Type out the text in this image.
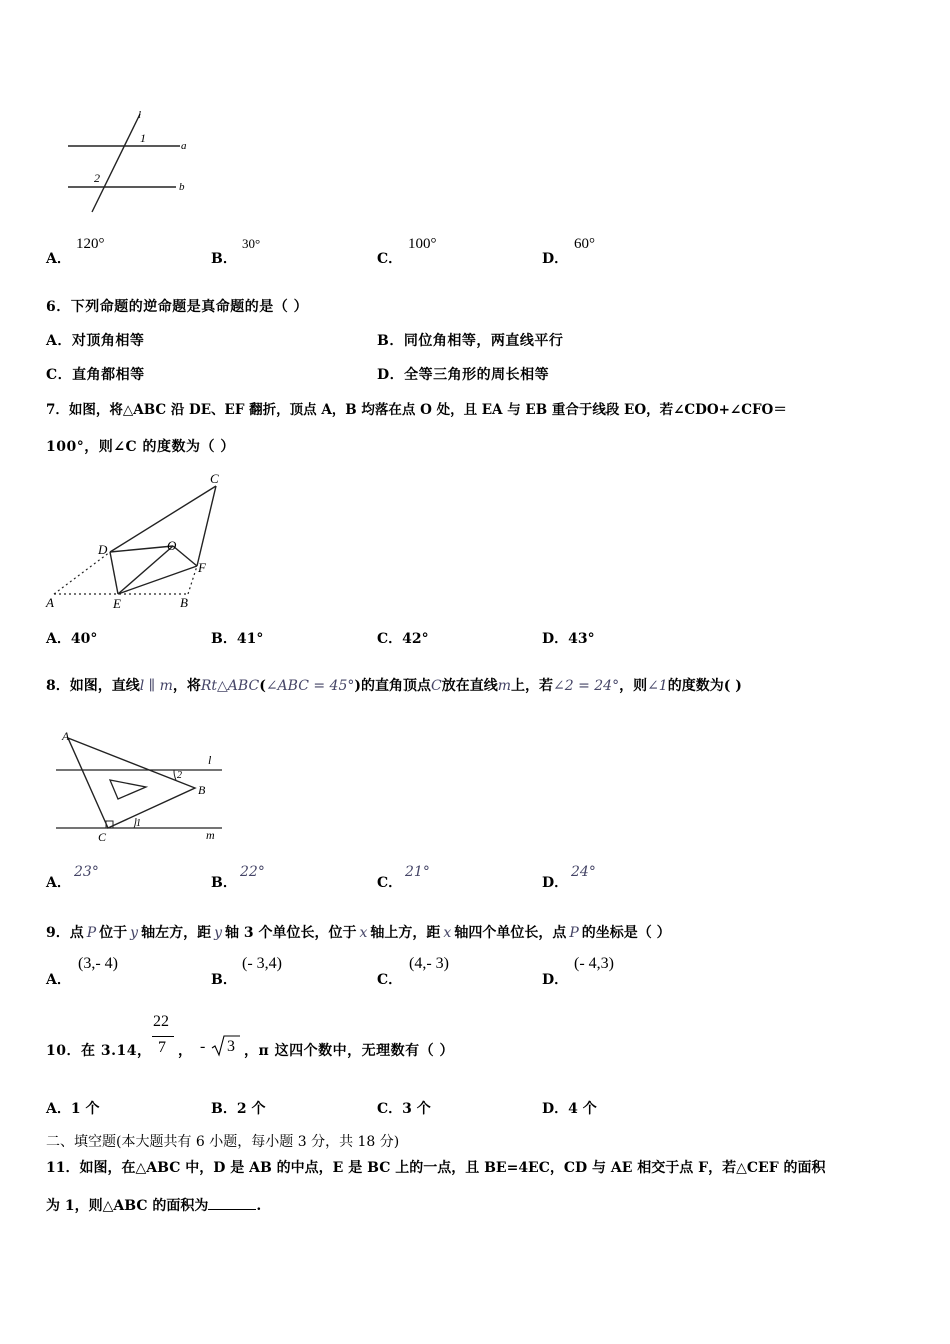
l
1
a
2
b
A．
120°
B．
30°
C．
100°
D．
60°
6．下列命题的逆命题是真命题的是（ ）
A．对顶角相等	B．同位角相等，两直线平行
C．直角都相等	D．全等三角形的周长相等
7．如图，将△ABC 沿 DE、EF 翻折，顶点 A，B 均落在点 O 处，且 EA 与 EB 重合于线段 EO，若∠CDO+∠CFO＝
100°，则∠C 的度数为（ ）
C
D	O
F
A	E	B
A．40°	B．41°	C．42°	D．43°
8．如图，直线l ∥ m，将Rt△ABC(∠ABC = 45°)的直角顶点C放在直线m上，若∠2 = 24°，则∠1的度数为( )
A
l
2
B
1
C	m
A．
23°
B．
22°
C．
21°
D．
24°
9．点 P 位于 y 轴左方，距 y 轴 3 个单位长，位于 x 轴上方，距 x 轴四个单位长，点 P 的坐标是（ ）
A．
(3,- 4)
B．
(- 3,4)
C．
(4,- 3)
D．
(- 4,3)
10．在 3.14，
22
7 ， - 3 ，π 这四个数中，无理数有（ ）
A．1 个	B．2 个	C．3 个	D．4 个
二、填空题(本大题共有 6 小题，每小题 3 分，共 18 分)
11．如图，在△ABC 中，D 是 AB 的中点，E 是 BC 上的一点，且 BE=4EC，CD 与 AE 相交于点 F，若△CEF 的面积
为 1，则△ABC 的面积为	.
